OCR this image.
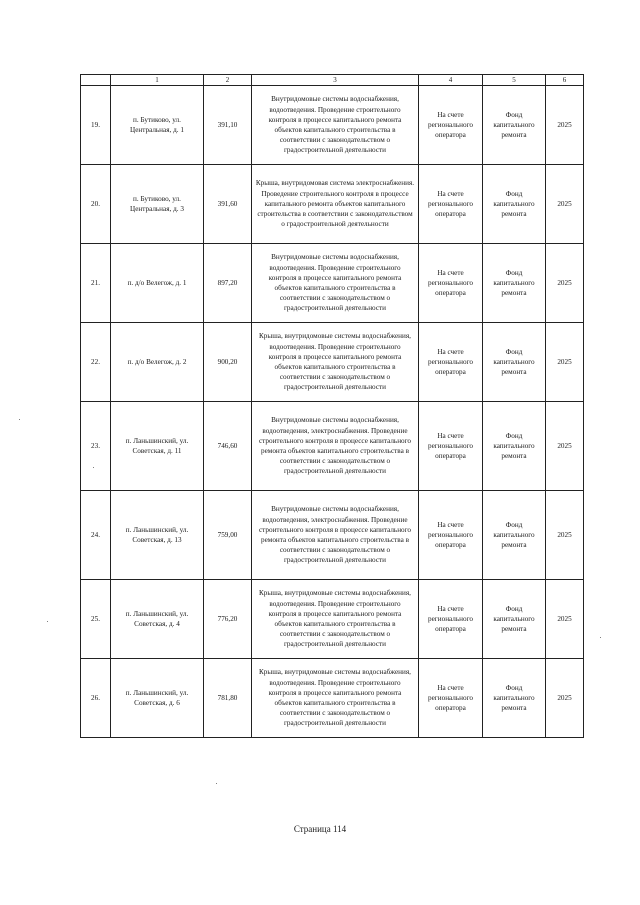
	1	2	3	4	5	6
19.	п. Бутиково, ул. Центральная, д. 1	391,10	Внутридомовые системы водоснабжения, водоотведения. Проведение строительного контроля в процессе капитального ремонта объектов капитального строительства в соответствии с законодательством о градостроительной деятельности	На счете регионального оператора	Фонд капитального ремонта	2025
20.	п. Бутиково, ул. Центральная, д. 3	391,60	Крыша, внутридомовая система электроснабжения. Проведение строительного контроля в процессе капитального ремонта объектов капитального строительства в соответствии с законодательством о градостроительной деятельности	На счете регионального оператора	Фонд капитального ремонта	2025
21.	п. д/о Велегож, д. 1	897,20	Внутридомовые системы водоснабжения, водоотведения. Проведение строительного контроля в процессе капитального ремонта объектов капитального строительства в соответствии с законодательством о градостроительной деятельности	На счете регионального оператора	Фонд капитального ремонта	2025
22.	п. д/о Велегож, д. 2	900,20	Крыша, внутридомовые системы водоснабжения, водоотведения. Проведение строительного контроля в процессе капитального ремонта объектов капитального строительства в соответствии с законодательством о градостроительной деятельности	На счете регионального оператора	Фонд капитального ремонта	2025
23.	п. Ланьшинский, ул. Советская, д. 11	746,60	Внутридомовые системы водоснабжения, водоотведения, электроснабжения. Проведение строительного контроля в процессе капитального ремонта объектов капитального строительства в соответствии с законодательством о градостроительной деятельности	На счете регионального оператора	Фонд капитального ремонта	2025
24.	п. Ланьшинский, ул. Советская, д. 13	759,00	Внутридомовые системы водоснабжения, водоотведения, электроснабжения. Проведение строительного контроля в процессе капитального ремонта объектов капитального строительства в соответствии с законодательством о градостроительной деятельности	На счете регионального оператора	Фонд капитального ремонта	2025
25.	п. Ланьшинский, ул. Советская, д. 4	776,20	Крыша, внутридомовые системы водоснабжения, водоотведения. Проведение строительного контроля в процессе капитального ремонта объектов капитального строительства в соответствии с законодательством о градостроительной деятельности	На счете регионального оператора	Фонд капитального ремонта	2025
26.	п. Ланьшинский, ул. Советская, д. 6	781,80	Крыша, внутридомовые системы водоснабжения, водоотведения. Проведение строительного контроля в процессе капитального ремонта объектов капитального строительства в соответствии с законодательством о градостроительной деятельности	На счете регионального оператора	Фонд капитального ремонта	2025
Страница 114
